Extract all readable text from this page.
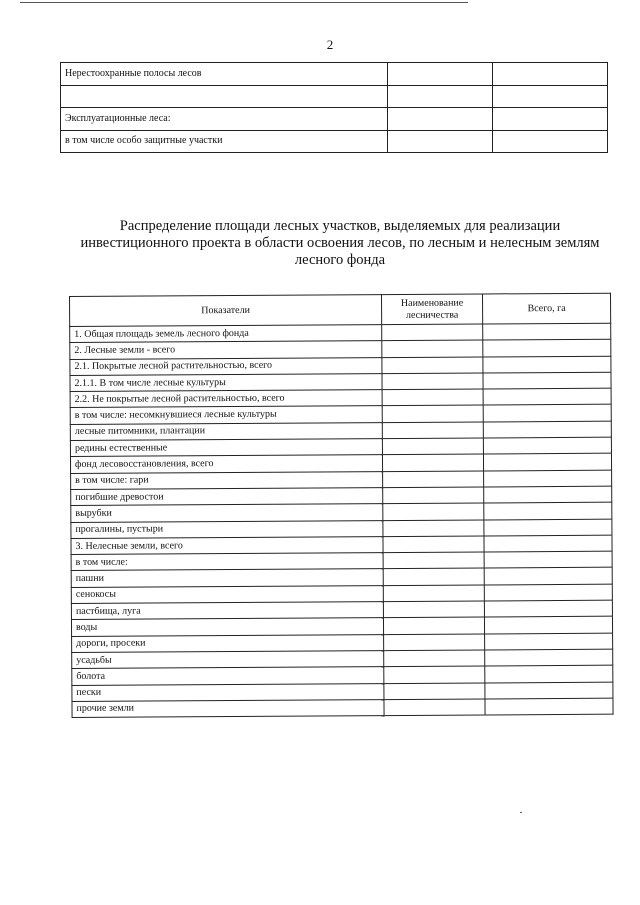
2
Нерестоохранные полосы лесов		

Эксплуатационные леса:		
в том числе особо защитные участки		
Распределение площади лесных участков, выделяемых для реализации
инвестиционного проекта в области освоения лесов, по лесным и нелесным землям
лесного фонда
Показатели	Наименование лесничества	Всего, га
1. Общая площадь земель лесного фонда		
2. Лесные земли - всего		
2.1. Покрытые лесной растительностью, всего		
2.1.1. В том числе лесные культуры		
2.2. Не покрытые лесной растительностью, всего		
в том числе: несомкнувшиеся лесные культуры		
лесные питомники, плантации		
редины естественные		
фонд лесовосстановления, всего		
в том числе: гари		
погибшие древостои		
вырубки		
прогалины, пустыри		
3. Нелесные земли, всего		
в том числе:		
пашни		
сенокосы		
пастбища, луга		
воды		
дороги, просеки		
усадьбы		
болота		
пески		
прочие земли		
